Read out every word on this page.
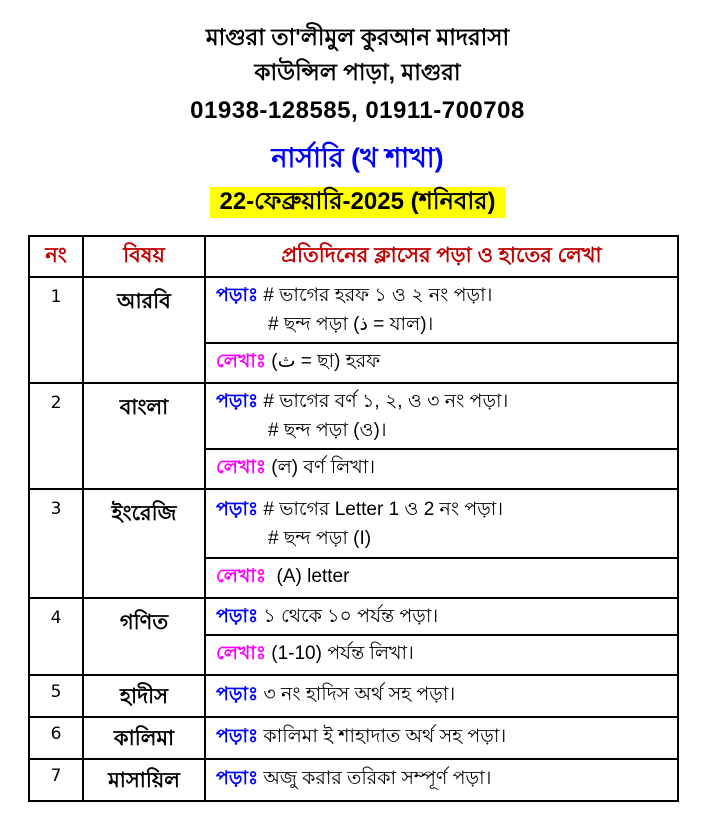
মাগুরা তা'লীমুল কুরআন মাদরাসা
কাউন্সিল পাড়া, মাগুরা
01938-128585, 01911-700708
নার্সারি (খ শাখা)
22-ফেব্রুয়ারি-2025 (শনিবার)
নং	বিষয়	প্রতিদিনের ক্লাসের পড়া ও হাতের লেখা
1	আরবি	পড়াঃ # ভাগের হরফ ১ ও ২ নং পড়া।
# ছন্দ পড়া (ذ = যাল)।

		লেখাঃ (ث = ছা) হরফ
2	বাংলা	পড়াঃ # ভাগের বর্ণ ১, ২, ও ৩ নং পড়া।
# ছন্দ পড়া (ও)।

		লেখাঃ (ল) বর্ণ লিখা।
3	ইংরেজি	পড়াঃ # ভাগের Letter 1 ও 2 নং পড়া।
# ছন্দ পড়া (I)

		লেখাঃ (A) letter
4	গণিত	পড়াঃ ১ থেকে ১০ পর্যন্ত পড়া।

		লেখাঃ (1-10) পর্যন্ত লিখা।
5	হাদীস	পড়াঃ ৩ নং হাদিস অর্থ সহ পড়া।
6	কালিমা	পড়াঃ কালিমা ই শাহাদাত অর্থ সহ পড়া।
7	মাসায়িল	পড়াঃ অজু করার তরিকা সম্পূর্ণ পড়া।
